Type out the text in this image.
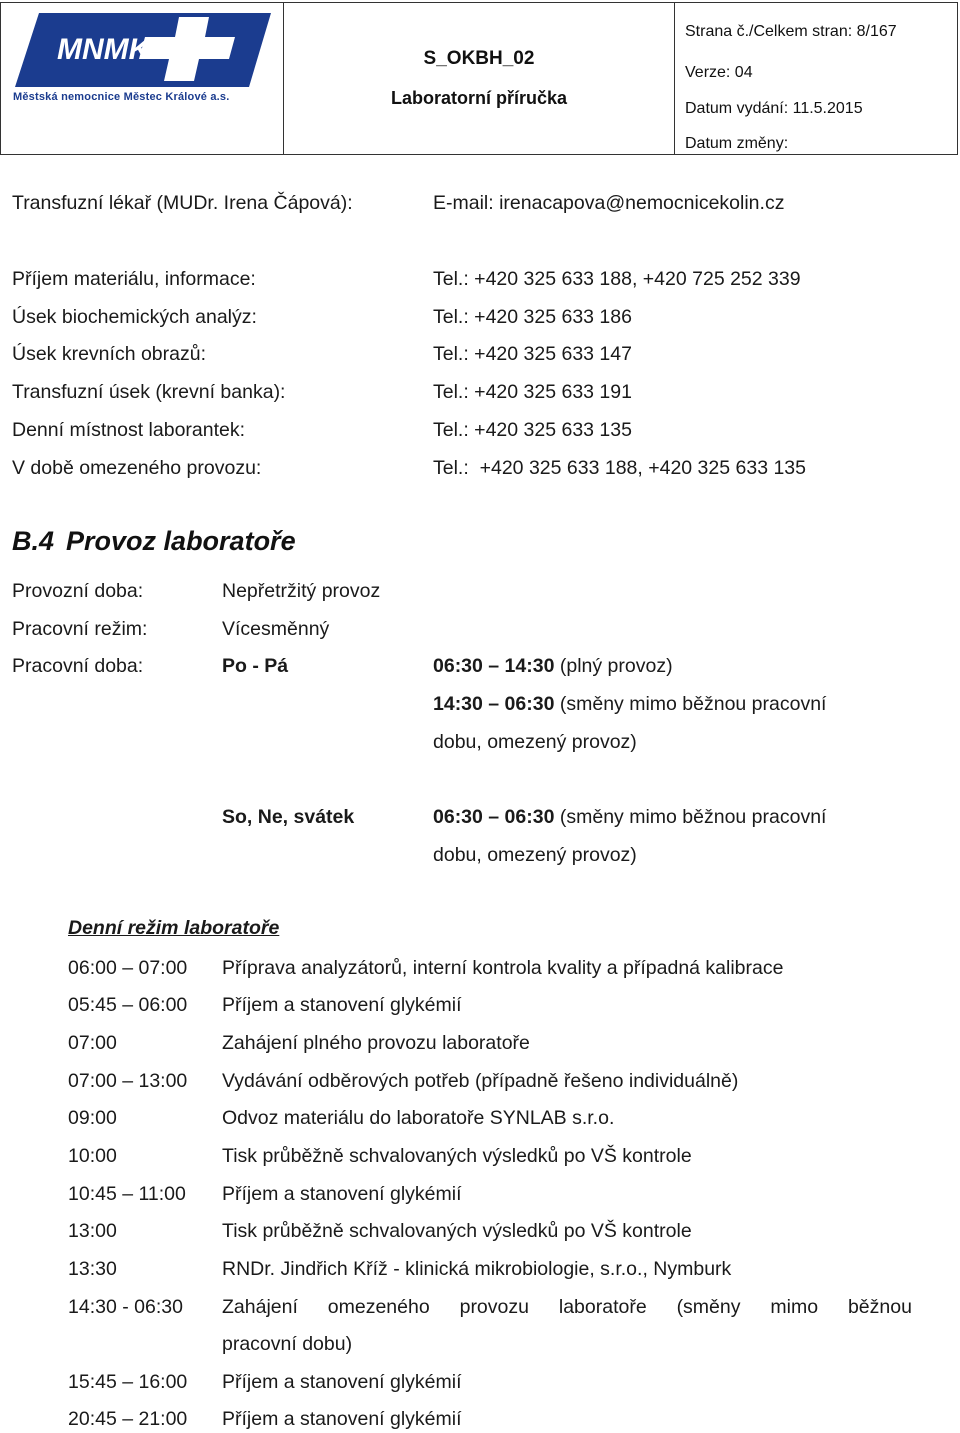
MNMK
Městská nemocnice Městec Králové a.s.
S_OKBH_02
Laboratorní příručka
Strana č./Celkem stran: 8/167
Verze: 04
Datum vydání: 11.5.2015
Datum změny:
Transfuzní lékař (MUDr. Irena Čápová):	E-mail: irenacapova@nemocnicekolin.cz
Příjem materiálu, informace:	Tel.: +420 325 633 188, +420 725 252 339
Úsek biochemických analýz:	Tel.: +420 325 633 186
Úsek krevních obrazů:	Tel.: +420 325 633 147
Transfuzní úsek (krevní banka):	Tel.: +420 325 633 191
Denní místnost laborantek:	Tel.: +420 325 633 135
V době omezeného provozu:	Tel.:  +420 325 633 188, +420 325 633 135
B.4 Provoz laboratoře
Provozní doba:	Nepřetržitý provoz
Pracovní režim:	Vícesměnný
Pracovní doba:	Po - Pá	06:30 – 14:30 (plný provoz)
14:30 – 06:30 (směny mimo běžnou pracovní
dobu, omezený provoz)
So, Ne, svátek	06:30 – 06:30 (směny mimo běžnou pracovní
dobu, omezený provoz)
Denní režim laboratoře
06:00 – 07:00 Příprava analyzátorů, interní kontrola kvality a případná kalibrace
05:45 – 06:00 Příjem a stanovení glykémií
07:00	Zahájení plného provozu laboratoře
07:00 – 13:00 Vydávání odběrových potřeb (případně řešeno individuálně)
09:00	Odvoz materiálu do laboratoře SYNLAB s.r.o.
10:00	Tisk průběžně schvalovaných výsledků po VŠ kontrole
10:45 – 11:00 Příjem a stanovení glykémií
13:00	Tisk průběžně schvalovaných výsledků po VŠ kontrole
13:30	RNDr. Jindřich Kříž - klinická mikrobiologie, s.r.o., Nymburk
14:30 - 06:30 Zahájení omezeného provozu laboratoře (směny mimo běžnou
pracovní dobu)
15:45 – 16:00 Příjem a stanovení glykémií
20:45 – 21:00 Příjem a stanovení glykémií
